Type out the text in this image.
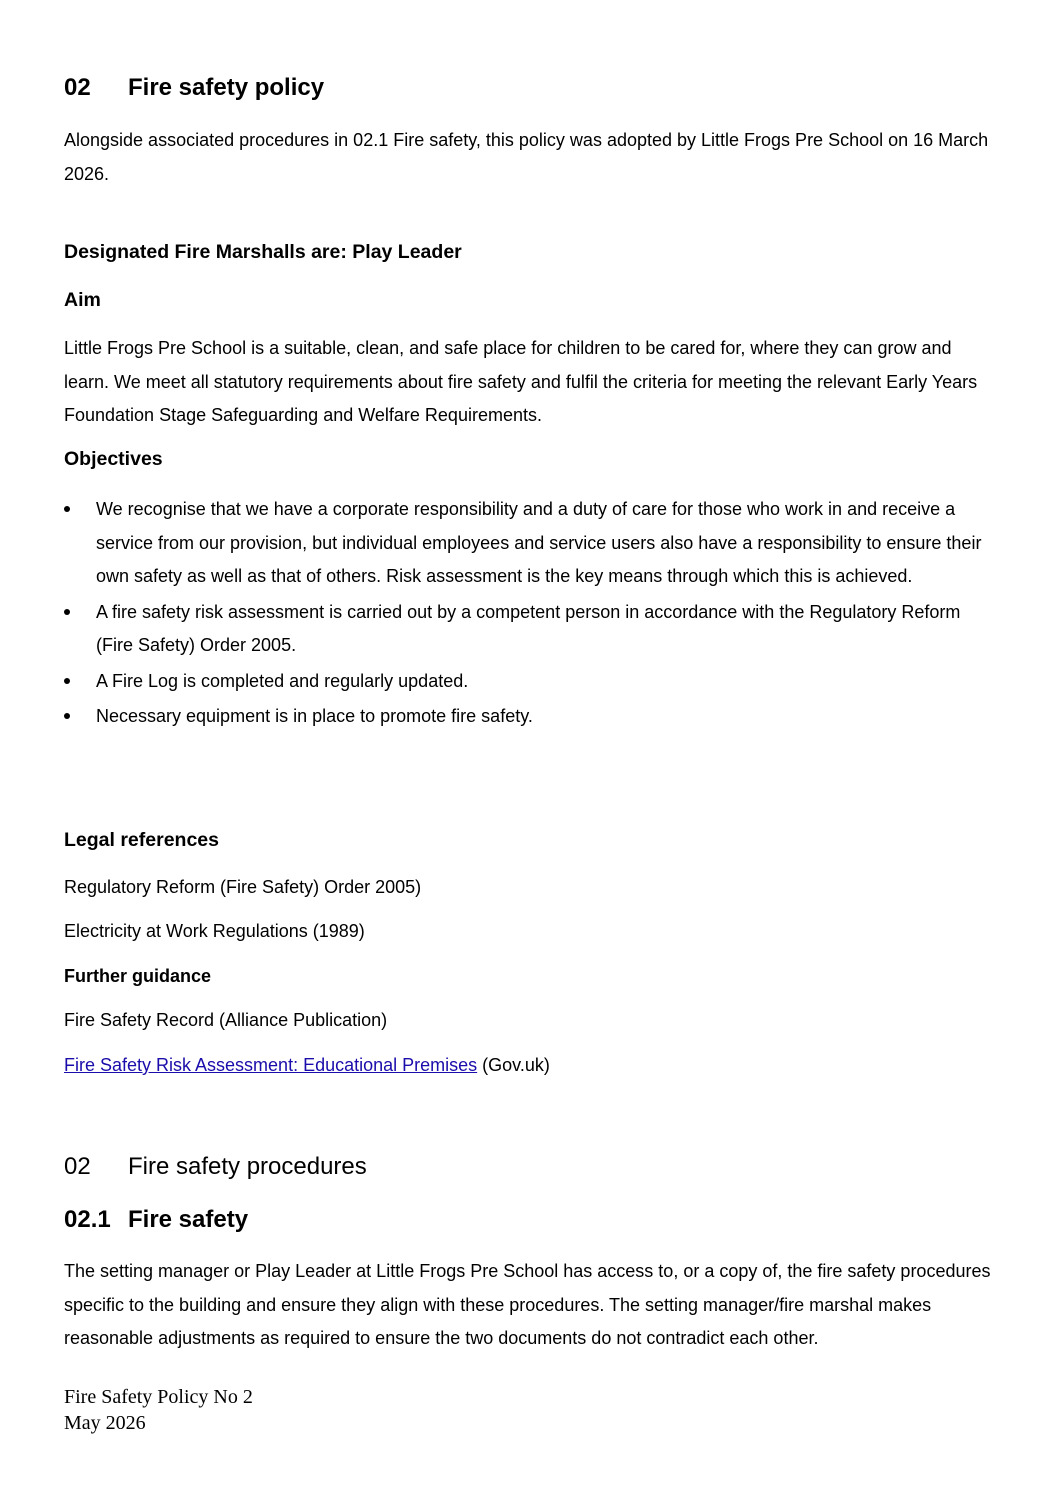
02 Fire safety policy
Alongside associated procedures in 02.1 Fire safety, this policy was adopted by Little Frogs Pre School on 16 March 2026.
Designated Fire Marshalls are: Play Leader
Aim
Little Frogs Pre School is a suitable, clean, and safe place for children to be cared for, where they can grow and learn. We meet all statutory requirements about fire safety and fulfil the criteria for meeting the relevant Early Years Foundation Stage Safeguarding and Welfare Requirements.
Objectives
We recognise that we have a corporate responsibility and a duty of care for those who work in and receive a service from our provision, but individual employees and service users also have a responsibility to ensure their own safety as well as that of others. Risk assessment is the key means through which this is achieved.
A fire safety risk assessment is carried out by a competent person in accordance with the Regulatory Reform (Fire Safety) Order 2005.
A Fire Log is completed and regularly updated.
Necessary equipment is in place to promote fire safety.
Legal references
Regulatory Reform (Fire Safety) Order 2005)
Electricity at Work Regulations (1989)
Further guidance
Fire Safety Record (Alliance Publication)
Fire Safety Risk Assessment: Educational Premises (Gov.uk)
02 Fire safety procedures
02.1 Fire safety
The setting manager or Play Leader at Little Frogs Pre School has access to, or a copy of, the fire safety procedures specific to the building and ensure they align with these procedures. The setting manager/fire marshal makes reasonable adjustments as required to ensure the two documents do not contradict each other.
Fire Safety Policy No 2
May 2026
